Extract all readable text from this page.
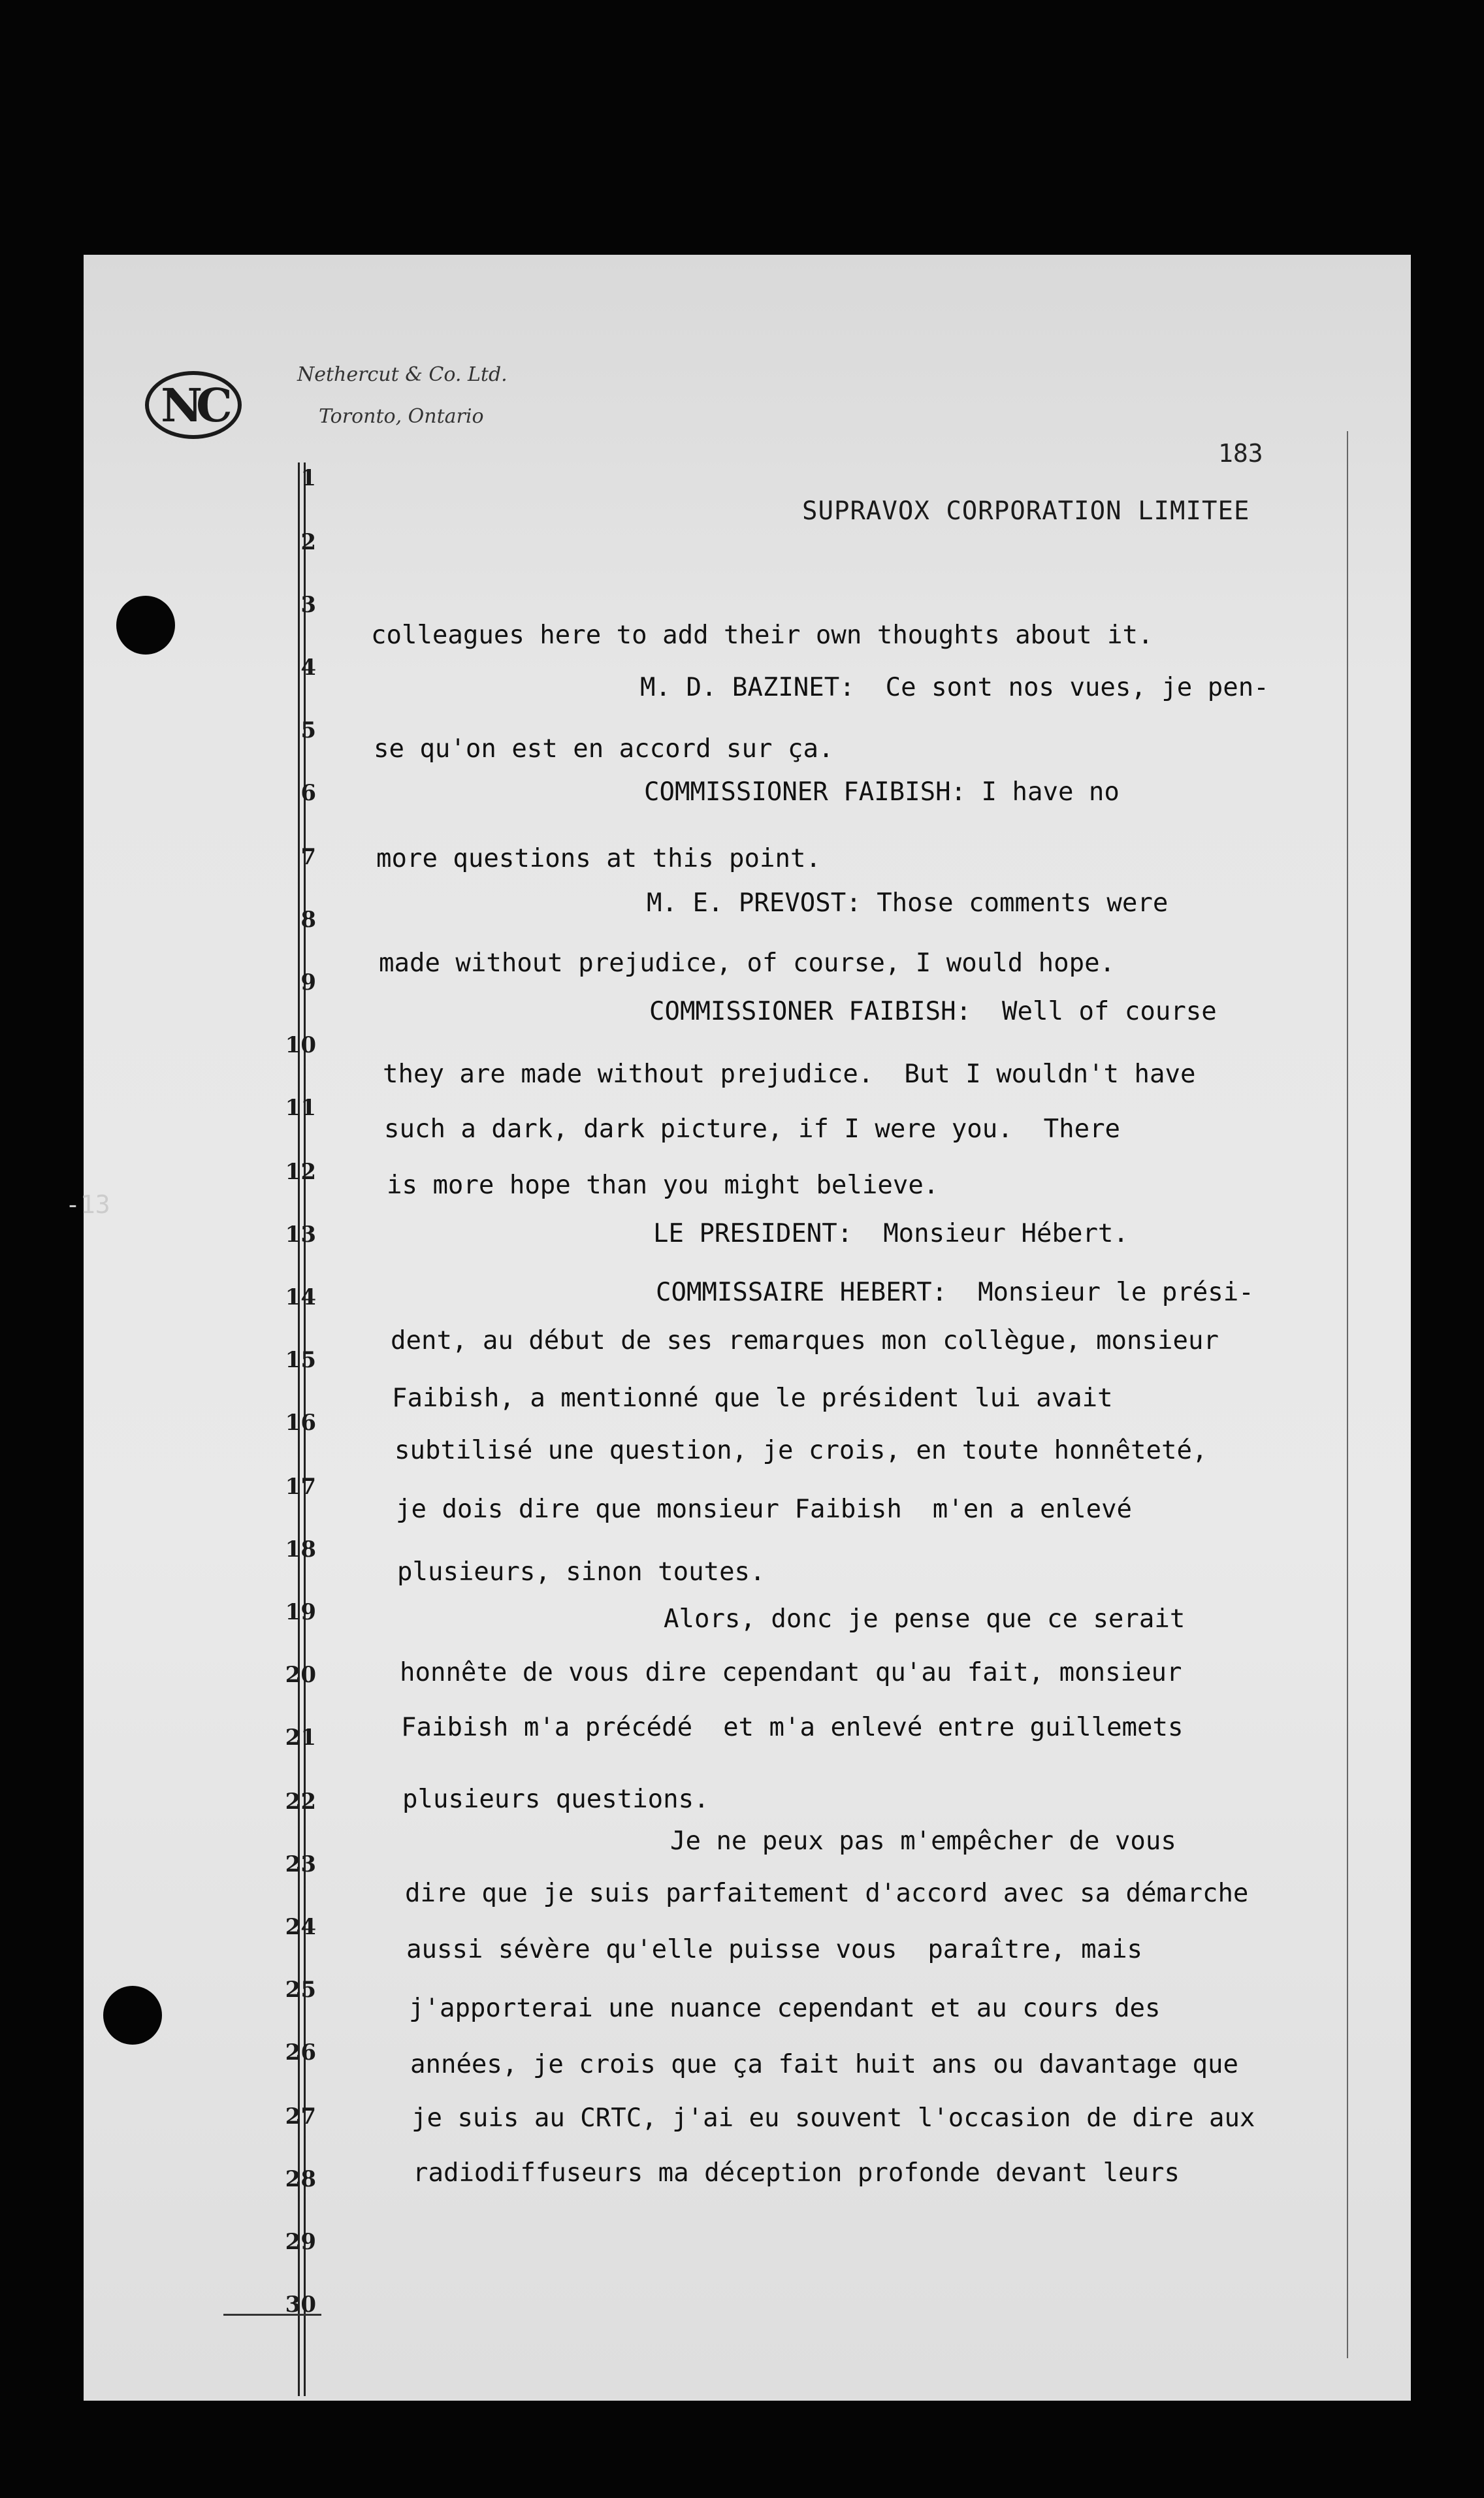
NC
Nethercut & Co. Ltd.
Toronto, Ontario
183
SUPRAVOX CORPORATION LIMITEE
-13
1
2
3
4
5
6
7
8
9
10
11
12
13
14
15
16
17
18
19
20
21
22
23
24
25
26
27
28
29
30
colleagues here to add their own thoughts about it.
M. D. BAZINET:  Ce sont nos vues, je pen-
se qu'on est en accord sur ça.
COMMISSIONER FAIBISH: I have no
more questions at this point.
M. E. PREVOST: Those comments were
made without prejudice, of course, I would hope.
COMMISSIONER FAIBISH:  Well of course
they are made without prejudice.  But I wouldn't have
such a dark, dark picture, if I were you.  There
is more hope than you might believe.
LE PRESIDENT:  Monsieur Hébert.
COMMISSAIRE HEBERT:  Monsieur le prési-
dent, au début de ses remarques mon collègue, monsieur
Faibish, a mentionné que le président lui avait
subtilisé une question, je crois, en toute honnêteté,
je dois dire que monsieur Faibish  m'en a enlevé
plusieurs, sinon toutes.
Alors, donc je pense que ce serait
honnête de vous dire cependant qu'au fait, monsieur
Faibish m'a précédé  et m'a enlevé entre guillemets
plusieurs questions.
Je ne peux pas m'empêcher de vous
dire que je suis parfaitement d'accord avec sa démarche
aussi sévère qu'elle puisse vous  paraître, mais
j'apporterai une nuance cependant et au cours des
années, je crois que ça fait huit ans ou davantage que
je suis au CRTC, j'ai eu souvent l'occasion de dire aux
radiodiffuseurs ma déception profonde devant leurs
